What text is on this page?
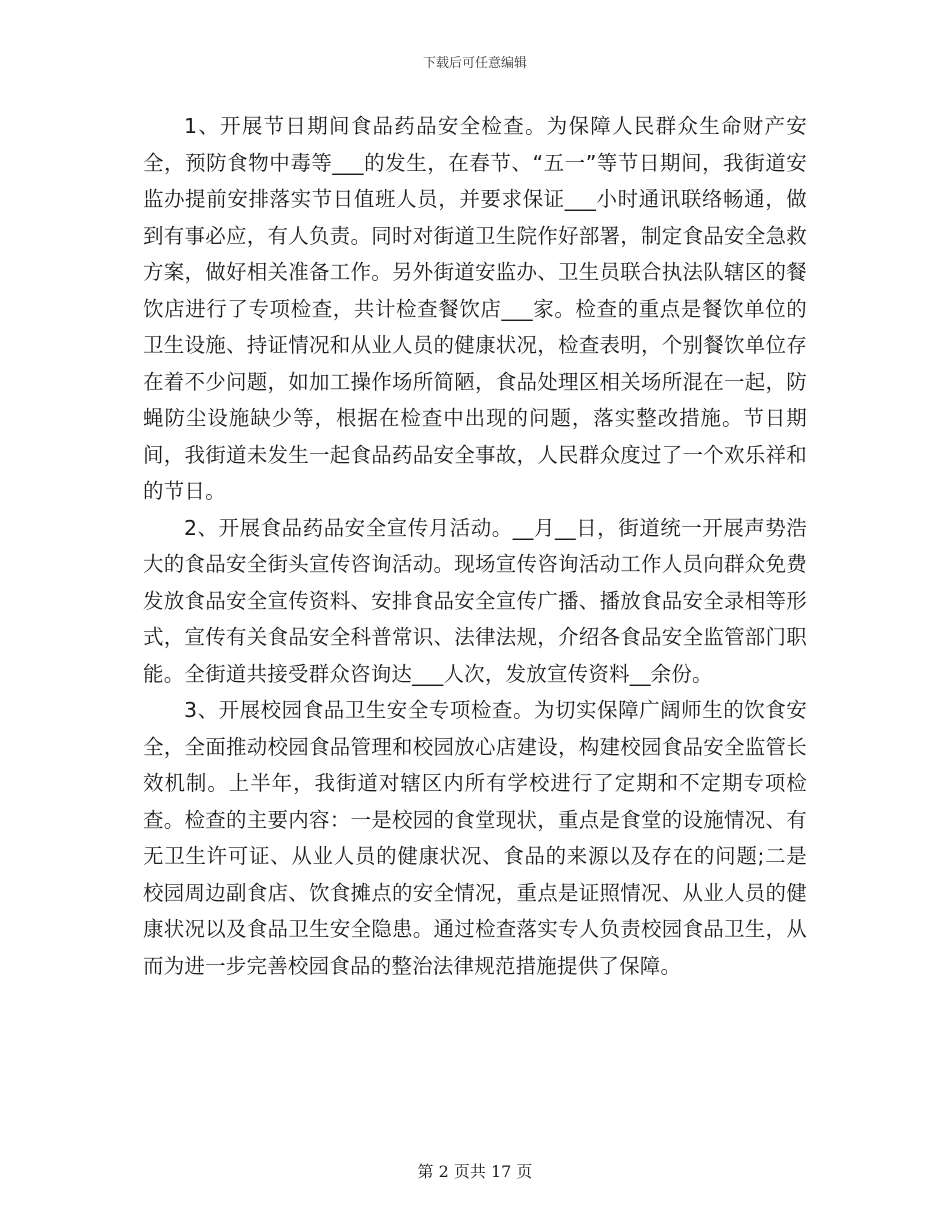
下载后可任意编辑

1、开展节日期间食品药品安全检查。为保障人民群众生命财产安全，预防食物中毒等___的发生，在春节、“五一”等节日期间，我街道安监办提前安排落实节日值班人员，并要求保证___小时通讯联络畅通，做到有事必应，有人负责。同时对街道卫生院作好部署，制定食品安全急救方案，做好相关准备工作。另外街道安监办、卫生员联合执法队辖区的餐饮店进行了专项检查，共计检查餐饮店___家。检查的重点是餐饮单位的卫生设施、持证情况和从业人员的健康状况，检查表明，个别餐饮单位存在着不少问题，如加工操作场所简陋，食品处理区相关场所混在一起，防蝇防尘设施缺少等，根据在检查中出现的问题，落实整改措施。节日期间，我街道未发生一起食品药品安全事故，人民群众度过了一个欢乐祥和的节日。

2、开展食品药品安全宣传月活动。__月__日，街道统一开展声势浩大的食品安全街头宣传咨询活动。现场宣传咨询活动工作人员向群众免费发放食品安全宣传资料、安排食品安全宣传广播、播放食品安全录相等形式，宣传有关食品安全科普常识、法律法规，介绍各食品安全监管部门职能。全街道共接受群众咨询达___人次，发放宣传资料__余份。

3、开展校园食品卫生安全专项检查。为切实保障广阔师生的饮食安全，全面推动校园食品管理和校园放心店建设，构建校园食品安全监管长效机制。上半年，我街道对辖区内所有学校进行了定期和不定期专项检查。检查的主要内容：一是校园的食堂现状，重点是食堂的设施情况、有无卫生许可证、从业人员的健康状况、食品的来源以及存在的问题;二是校园周边副食店、饮食摊点的安全情况，重点是证照情况、从业人员的健康状况以及食品卫生安全隐患。通过检查落实专人负责校园食品卫生，从而为进一步完善校园食品的整治法律规范措施提供了保障。

第 2 页共 17 页
